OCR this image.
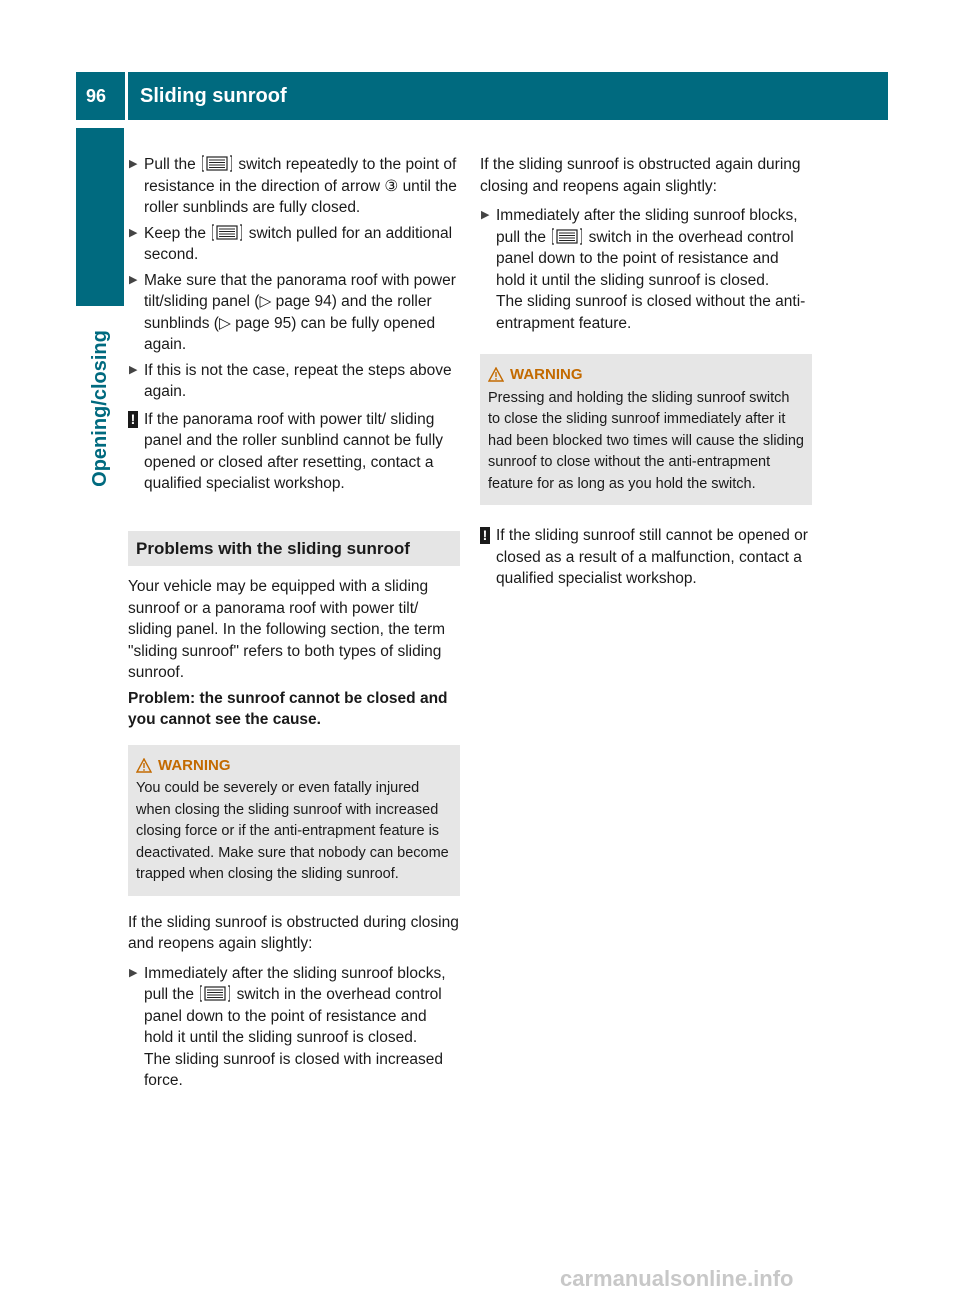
96	Sliding sunroof
Opening/closing
▶ Pull the	switch repeatedly to the point of resistance in the direction of arrow ③ until the roller sunblinds are fully closed.
▶ Keep the	switch pulled for an additional second.
▶ Make sure that the panorama roof with power tilt/sliding panel (▷ page 94) and the roller sunblinds (▷ page 95) can be fully opened again.
▶ If this is not the case, repeat the steps above again.
! If the panorama roof with power tilt/ sliding panel and the roller sunblind cannot be fully opened or closed after resetting, contact a qualified specialist workshop.
Problems with the sliding sunroof

Your vehicle may be equipped with a sliding sunroof or a panorama roof with power tilt/ sliding panel. In the following section, the term "sliding sunroof" refers to both types of sliding sunroof.

Problem: the sunroof cannot be closed and you cannot see the cause.

WARNING
You could be severely or even fatally injured when closing the sliding sunroof with increased closing force or if the anti-entrapment feature is deactivated. Make sure that nobody can become trapped when closing the sliding sunroof.

If the sliding sunroof is obstructed during closing and reopens again slightly:

▶ Immediately after the sliding sunroof blocks, pull the	switch in the overhead control panel down to the point of resistance and hold it until the sliding sunroof is closed.
The sliding sunroof is closed with increased force.

If the sliding sunroof is obstructed again during closing and reopens again slightly:

▶ Immediately after the sliding sunroof blocks, pull the	switch in the overhead control panel down to the point of resistance and hold it until the sliding sunroof is closed.
The sliding sunroof is closed without the anti-entrapment feature.
WARNING
Pressing and holding the sliding sunroof switch to close the sliding sunroof immediately after it had been blocked two times will cause the sliding sunroof to close without the anti-entrapment feature for as long as you hold the switch.
! If the sliding sunroof still cannot be opened or closed as a result of a malfunction, contact a qualified specialist workshop.
carmanualsonline.info
